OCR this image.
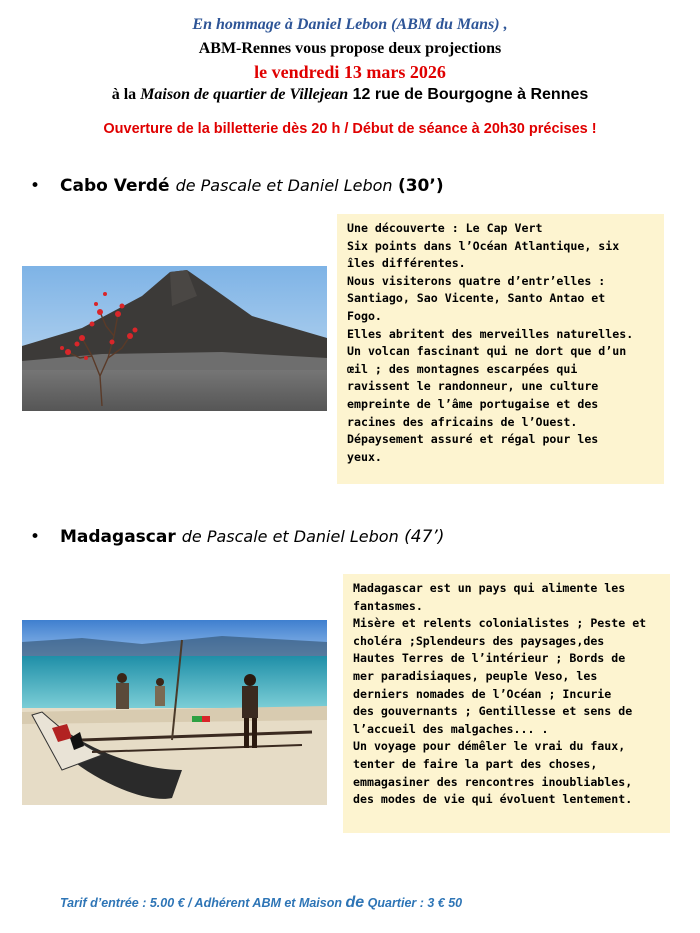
En hommage à Daniel Lebon (ABM du Mans) ,
ABM-Rennes vous propose deux projections
le vendredi 13 mars 2026
à la Maison de quartier de Villejean 12 rue de Bourgogne à Rennes
Ouverture de la billetterie dès 20 h / Début de séance à 20h30 précises !
• Cabo Verdé de Pascale et Daniel Lebon (30’)
Une découverte : Le Cap Vert
Six points dans l’Océan Atlantique, six
îles différentes.
Nous visiterons quatre d’entr’elles :
Santiago, Sao Vicente, Santo Antao et
Fogo.
Elles abritent des merveilles naturelles.
Un volcan fascinant qui ne dort que d’un
œil ; des montagnes escarpées qui
ravissent le randonneur, une culture
empreinte de l’âme portugaise et des
racines des africains de l’Ouest.
Dépaysement assuré et régal pour les
yeux.
• Madagascar de Pascale et Daniel Lebon (47’)
Madagascar est un pays qui alimente les
fantasmes.
Misère et relents colonialistes ; Peste et
choléra ;Splendeurs des paysages,des
Hautes Terres de l’intérieur ; Bords de
mer paradisiaques, peuple Veso, les
derniers nomades de l’Océan ; Incurie
des gouvernants ; Gentillesse et sens de
l’accueil des malgaches... .
Un voyage pour démêler le vrai du faux,
tenter de faire la part des choses,
emmagasiner des rencontres inoubliables,
des modes de vie qui évoluent lentement.
Tarif d’entrée : 5.00 € / Adhérent ABM et Maison de Quartier : 3 € 50
